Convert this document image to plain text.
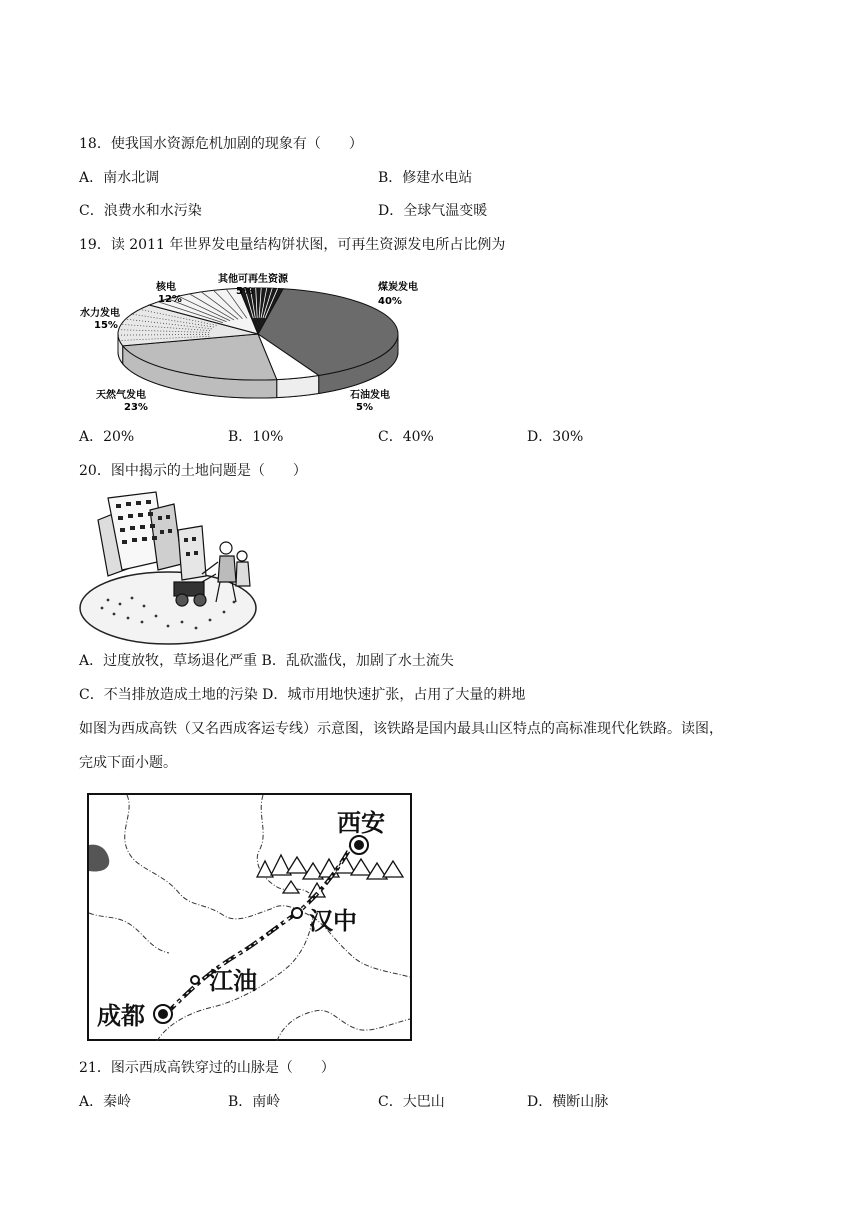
18．使我国水资源危机加剧的现象有（　　）
A．南水北调	B．修建水电站
C．浪费水和水污染	D．全球气温变暖
19．读 2011 年世界发电量结构饼状图，可再生资源发电所占比例为
煤炭发电
40%
石油发电
5%
天然气发电
23%
水力发电
15%
核电
12%
其他可再生资源
5%
A．20%	B．10%	C．40%	D．30%
20．图中揭示的土地问题是（　　）
A．过度放牧，草场退化严重 B．乱砍滥伐，加剧了水土流失
C．不当排放造成土地的污染 D．城市用地快速扩张，占用了大量的耕地
如图为西成高铁（又名西成客运专线）示意图，该铁路是国内最具山区特点的高标准现代化铁路。读图，
完成下面小题。
西安
汉中
江油
成都
21．图示西成高铁穿过的山脉是（　　）
A．秦岭	B．南岭	C．大巴山	D．横断山脉
